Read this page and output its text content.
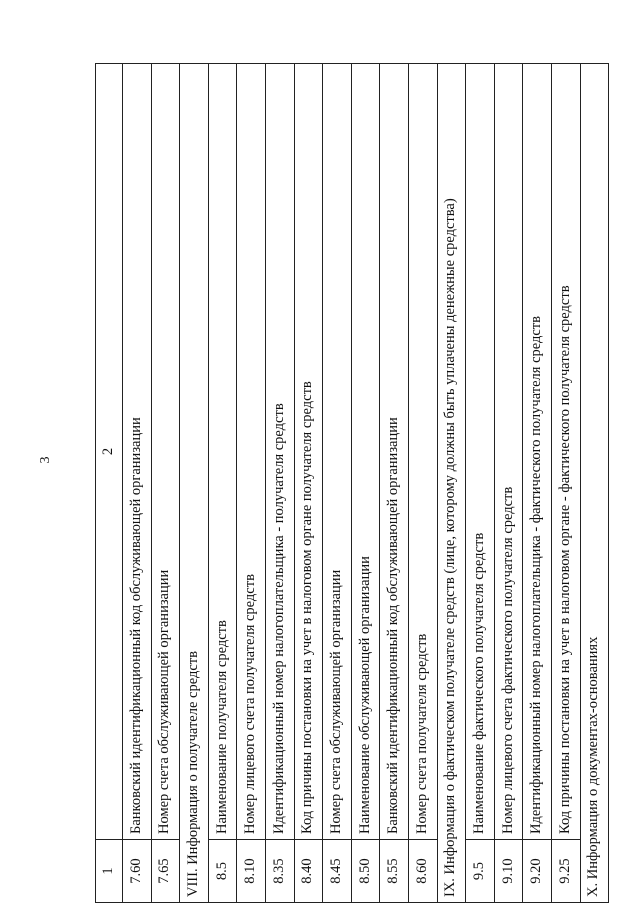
3
1	2
7.60	Банковский идентификационный код обслуживающей организации
7.65	Номер счета обслуживающей организации
VIII. Информация о получателе средств	
8.5	Наименование получателя средств
8.10	Номер лицевого счета получателя средств
8.35	Идентификационный номер налогоплательщика - получателя средств
8.40	Код причины постановки на учет в налоговом органе получателя средств
8.45	Номер счета обслуживающей организации
8.50	Наименование обслуживающей организации
8.55	Банковский идентификационный код обслуживающей организации
8.60	Номер счета получателя средств
IX. Информация о фактическом получателе средств (лице, которому должны быть уплачены денежные средства)	
9.5	Наименование фактического получателя средств
9.10	Номер лицевого счета фактического получателя средств
9.20	Идентификационный номер налогоплательщика - фактического получателя средств
9.25	Код причины постановки на учет в налоговом органе - фактического получателя средств
X. Информация о документах-основаниях	
